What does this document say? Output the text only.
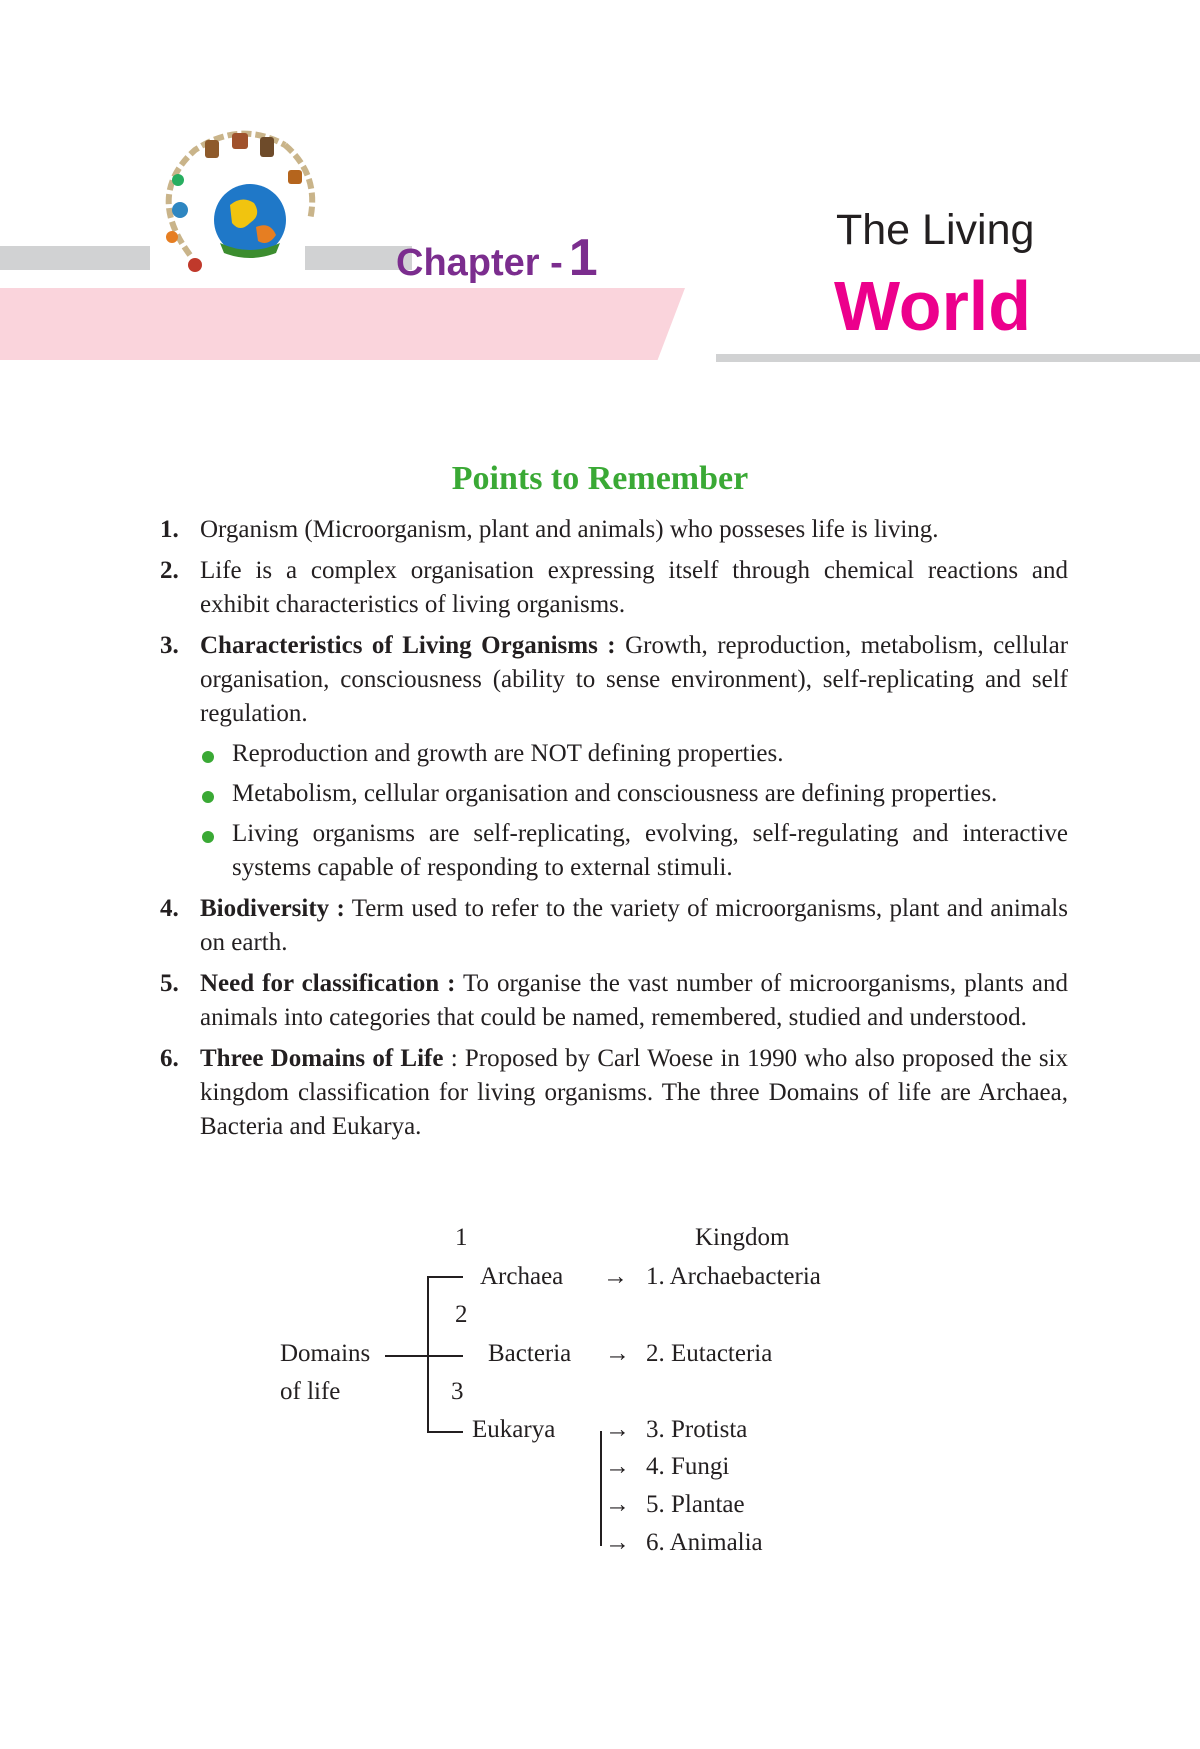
Chapter - 1	The Living
World
Points to Remember
1. Organism (Microorganism, plant and animals) who posseses life is living.
2. Life is a complex organisation expressing itself through chemical reactions and exhibit characteristics of living organisms.
3. Characteristics of Living Organisms : Growth, reproduction, metabolism, cellular organisation, consciousness (ability to sense environment), self-replicating and self regulation.
Reproduction and growth are NOT defining properties.
Metabolism, cellular organisation and consciousness are defining properties.
Living organisms are self-replicating, evolving, self-regulating and interactive systems capable of responding to external stimuli.
4. Biodiversity : Term used to refer to the variety of microorganisms, plant and animals on earth.
5. Need for classification : To organise the vast number of microorganisms, plants and animals into categories that could be named, remembered, studied and understood.
6. Three Domains of Life : Proposed by Carl Woese in 1990 who also proposed the six kingdom classification for living organisms. The three Domains of life are Archaea, Bacteria and Eukarya.
1	Kingdom
Archaea → 1. Archaebacteria
2
Domains	Bacteria → 2. Eutacteria
of life	3
Eukarya → 3. Protista
→ 4. Fungi
→ 5. Plantae
→ 6. Animalia
